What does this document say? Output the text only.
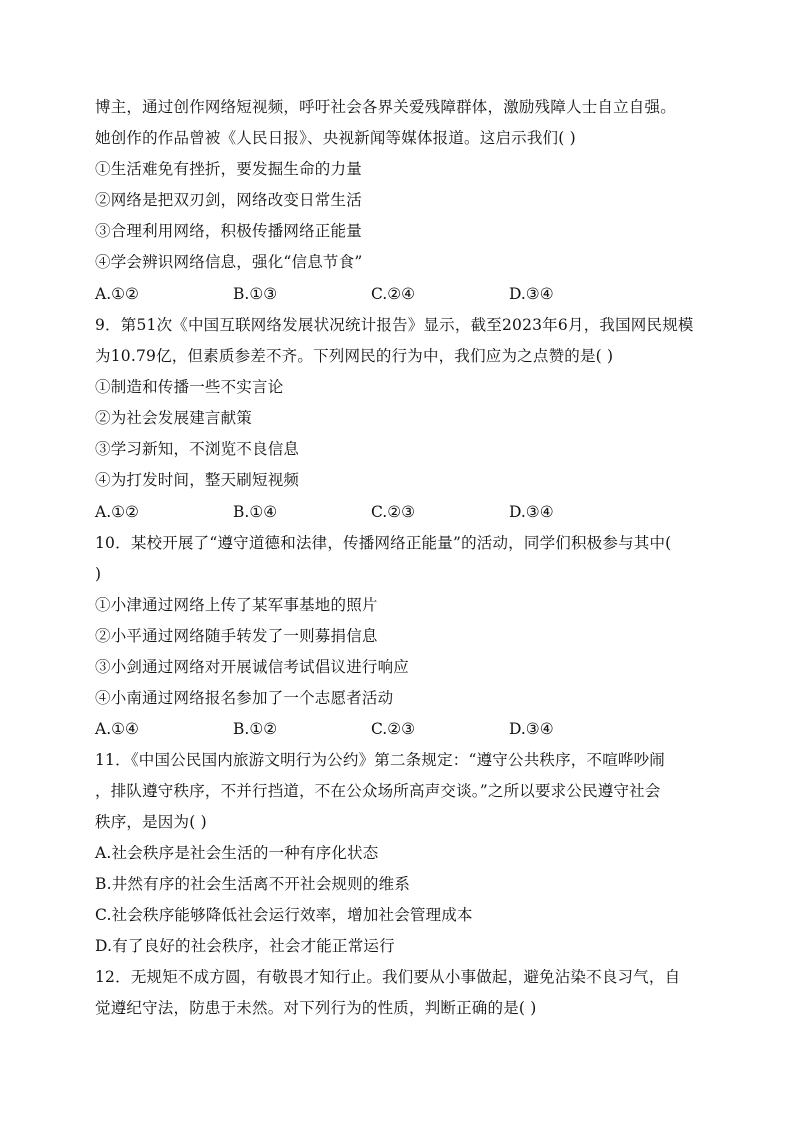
博主，通过创作网络短视频，呼吁社会各界关爱残障群体，激励残障人士自立自强。
她创作的作品曾被《人民日报》、央视新闻等媒体报道。这启示我们( )
①生活难免有挫折，要发掘生命的力量
②网络是把双刃剑，网络改变日常生活
③合理利用网络，积极传播网络正能量
④学会辨识网络信息，强化“信息节食”
A.①②	B.①③	C.②④	D.③④
9．第51次《中国互联网络发展状况统计报告》显示，截至2023年6月，我国网民规模
为10.79亿，但素质参差不齐。下列网民的行为中，我们应为之点赞的是( )
①制造和传播一些不实言论
②为社会发展建言献策
③学习新知，不浏览不良信息
④为打发时间，整天刷短视频
A.①②	B.①④	C.②③	D.③④
10．某校开展了“遵守道德和法律，传播网络正能量”的活动，同学们积极参与其中(
)
①小津通过网络上传了某军事基地的照片
②小平通过网络随手转发了一则募捐信息
③小剑通过网络对开展诚信考试倡议进行响应
④小南通过网络报名参加了一个志愿者活动
A.①④	B.①②	C.②③	D.③④
11．《中国公民国内旅游文明行为公约》第二条规定：“遵守公共秩序，不喧哗吵闹
，排队遵守秩序，不并行挡道，不在公众场所高声交谈。”之所以要求公民遵守社会
秩序，是因为( )
A.社会秩序是社会生活的一种有序化状态
B.井然有序的社会生活离不开社会规则的维系
C.社会秩序能够降低社会运行效率，增加社会管理成本
D.有了良好的社会秩序，社会才能正常运行
12．无规矩不成方圆，有敬畏才知行止。我们要从小事做起，避免沾染不良习气，自
觉遵纪守法，防患于未然。对下列行为的性质，判断正确的是( )
